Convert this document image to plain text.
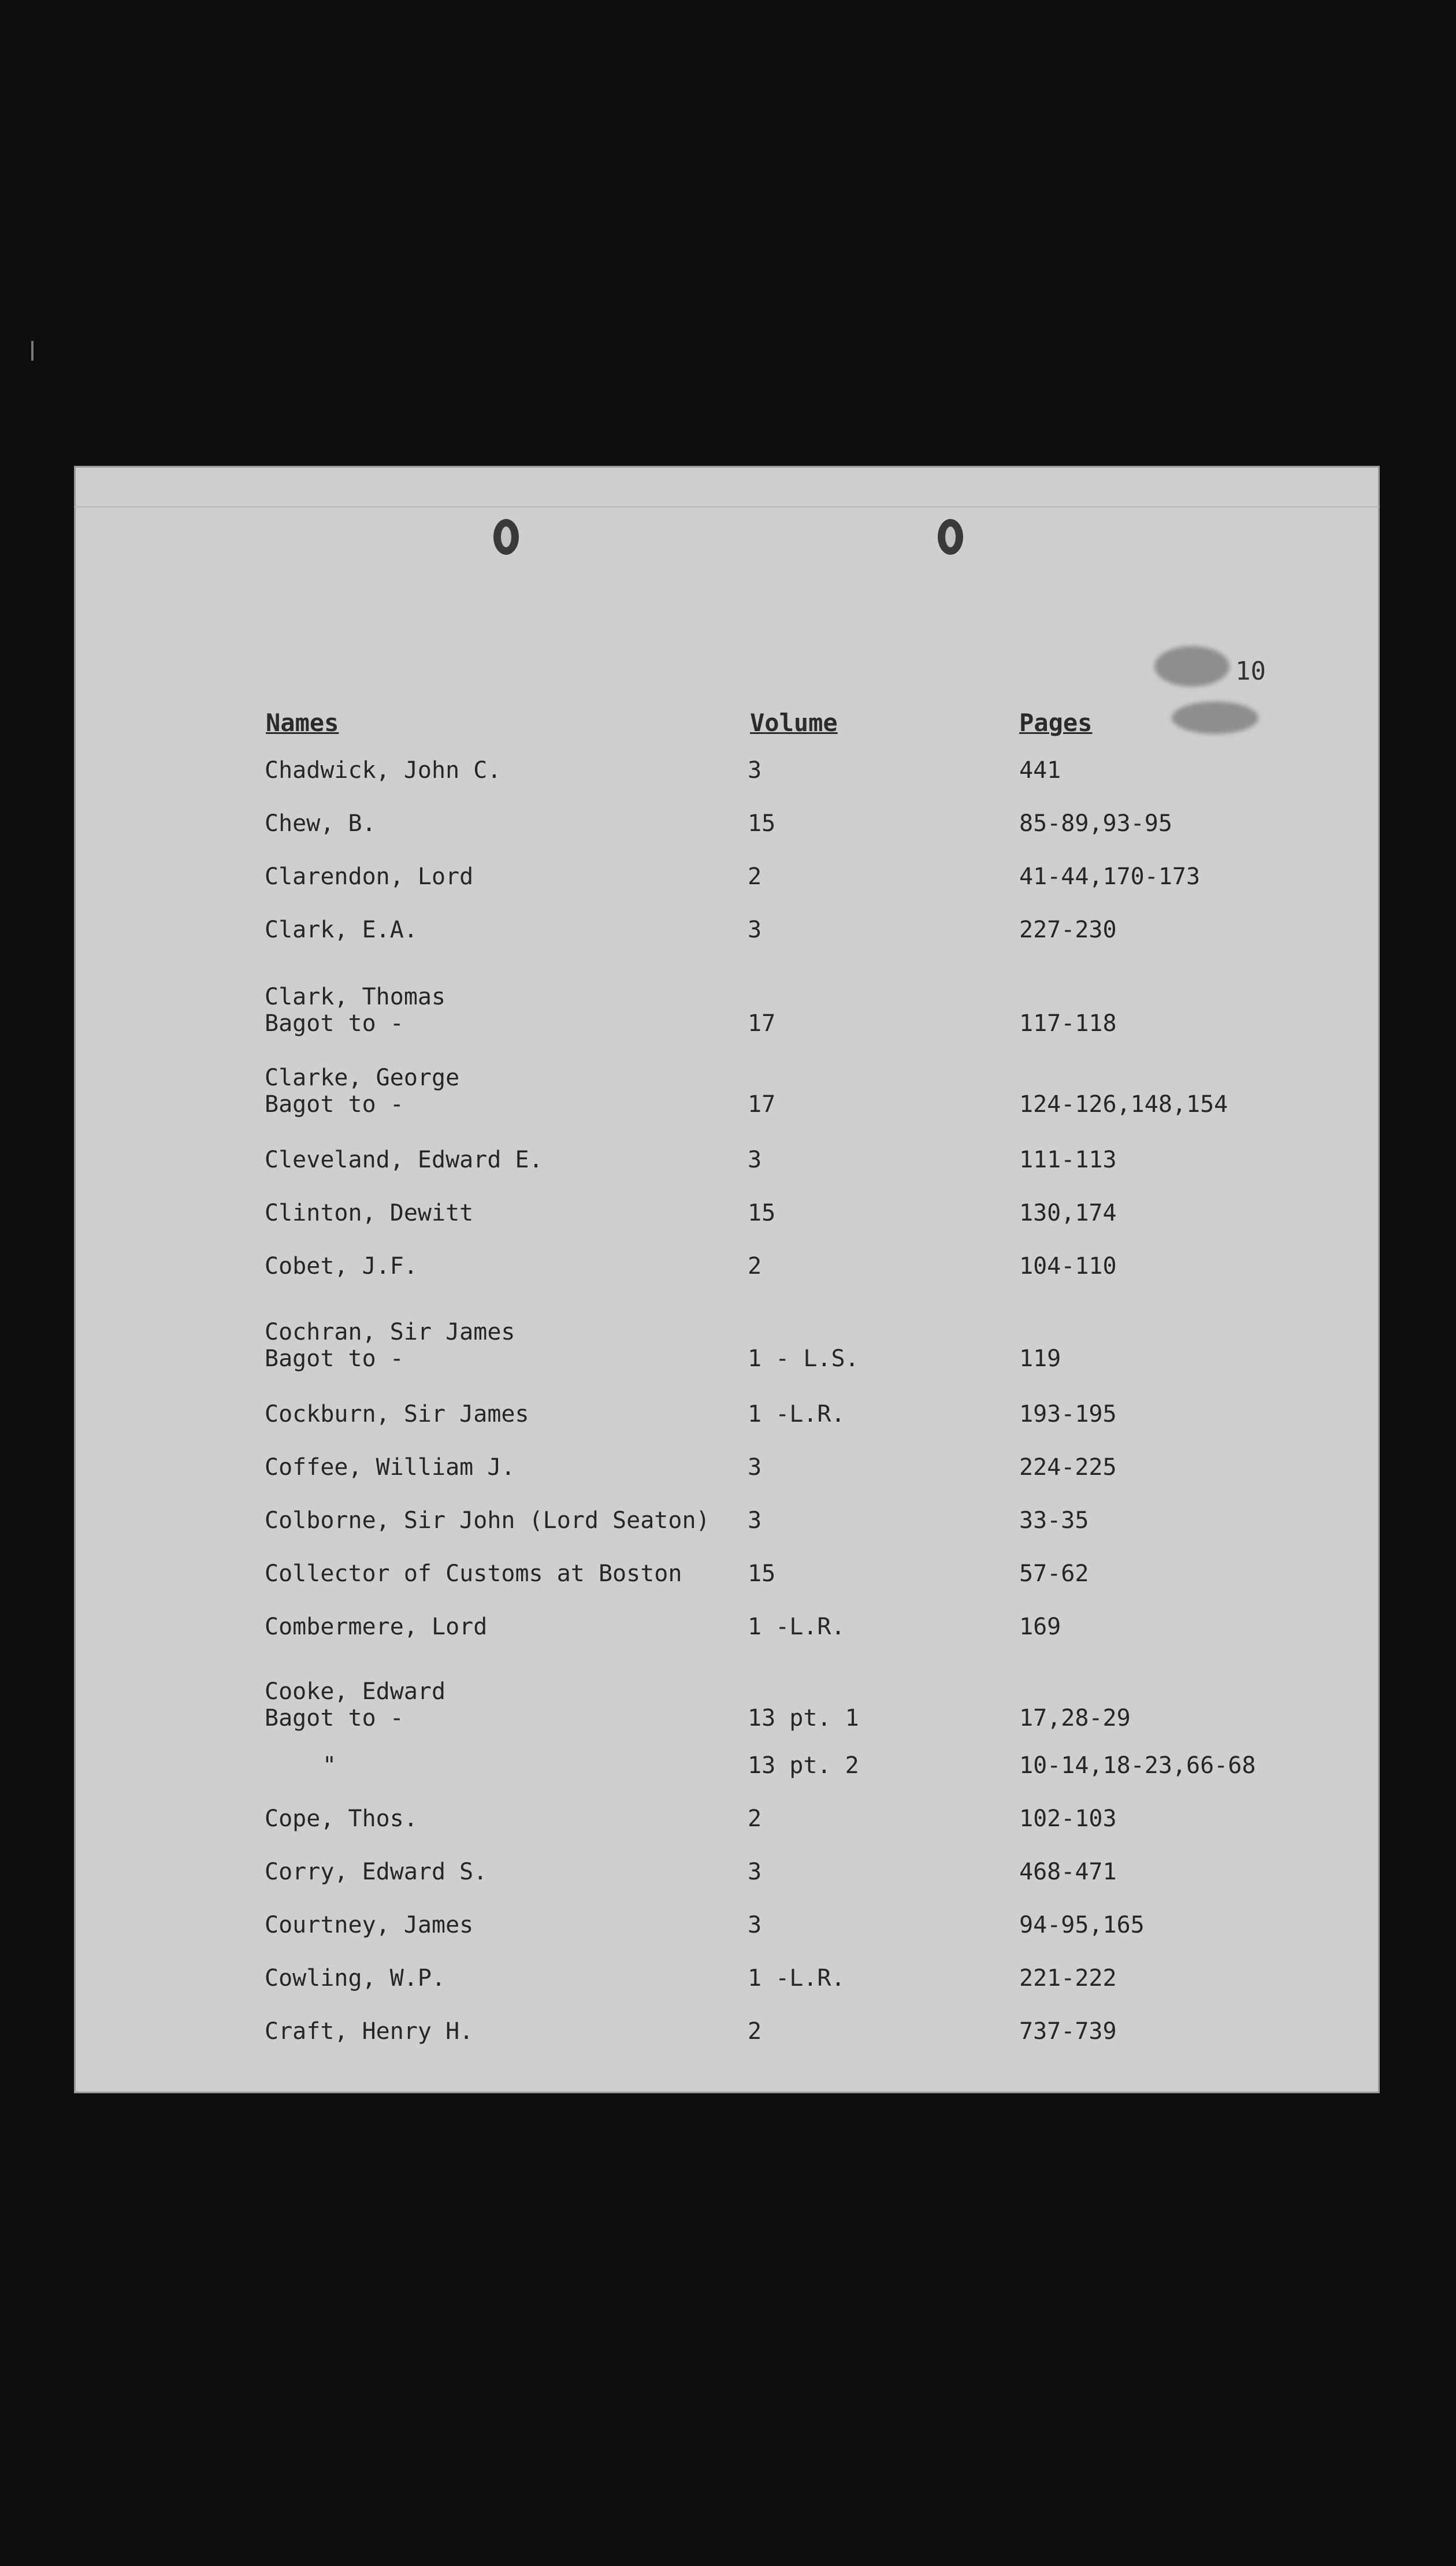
10
Names	Volume	Pages
Chadwick, John C.	3	441
Chew, B.	15	85-89,93-95
Clarendon, Lord	2	41-44,170-173
Clark, E.A.	3	227-230
Clark, Thomas
Bagot to -	17	117-118
Clarke, George
Bagot to -	17	124-126,148,154
Cleveland, Edward E.	3	111-113
Clinton, Dewitt	15	130,174
Cobet, J.F.	2	104-110
Cochran, Sir James
Bagot to -	1 - L.S.	119
Cockburn, Sir James	1 -L.R.	193-195
Coffee, William J.	3	224-225
Colborne, Sir John (Lord Seaton) 3	33-35
Collector of Customs at Boston	15	57-62
Combermere, Lord	1 -L.R.	169
Cooke, Edward
Bagot to -	13 pt. 1	17,28-29
"	13 pt. 2	10-14,18-23,66-68
Cope, Thos.	2	102-103
Corry, Edward S.	3	468-471
Courtney, James	3	94-95,165
Cowling, W.P.	1 -L.R.	221-222
Craft, Henry H.	2	737-739
